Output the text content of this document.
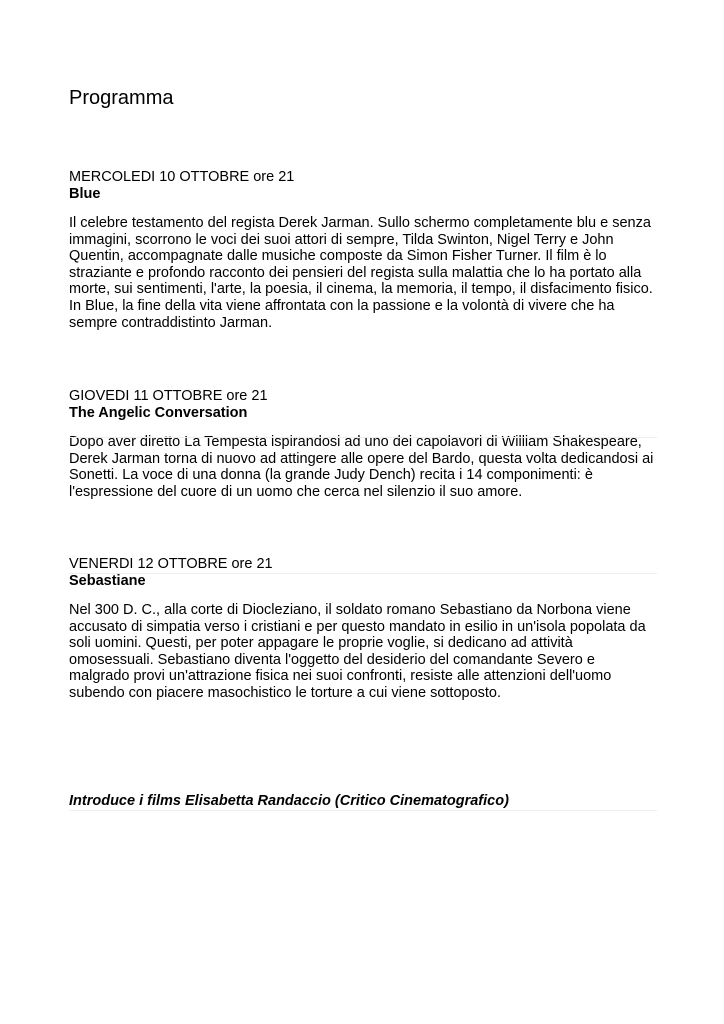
Programma

MERCOLEDI 10 OTTOBRE ore 21

Blue

Il celebre testamento del regista Derek Jarman. Sullo schermo completamente blu e senza immagini, scorrono le voci dei suoi attori di sempre, Tilda Swinton, Nigel Terry e John Quentin, accompagnate dalle musiche composte da Simon Fisher Turner. Il film è lo straziante e profondo racconto dei pensieri del regista sulla malattia che lo ha portato alla morte, sui sentimenti, l'arte, la poesia, il cinema, la memoria, il tempo, il disfacimento fisico. In Blue, la fine della vita viene affrontata con la passione e la volontà di vivere che ha sempre contraddistinto Jarman.

GIOVEDI 11 OTTOBRE ore 21

The Angelic Conversation

Dopo aver diretto La Tempesta ispirandosi ad uno dei capolavori di William Shakespeare, Derek Jarman torna di nuovo ad attingere alle opere del Bardo, questa volta dedicandosi ai Sonetti. La voce di una donna (la grande Judy Dench) recita i 14 componimenti: è l'espressione del cuore di un uomo che cerca nel silenzio il suo amore.

VENERDI 12 OTTOBRE ore 21

Sebastiane

Nel 300 D. C., alla corte di Diocleziano, il soldato romano Sebastiano da Norbona viene accusato di simpatia verso i cristiani e per questo mandato in esilio in un'isola popolata da soli uomini. Questi, per poter appagare le proprie voglie, si dedicano ad attività omosessuali. Sebastiano diventa l'oggetto del desiderio del comandante Severo e malgrado provi un'attrazione fisica nei suoi confronti, resiste alle attenzioni dell'uomo subendo con piacere masochistico le torture a cui viene sottoposto.

Introduce i films Elisabetta Randaccio (Critico Cinematografico)
